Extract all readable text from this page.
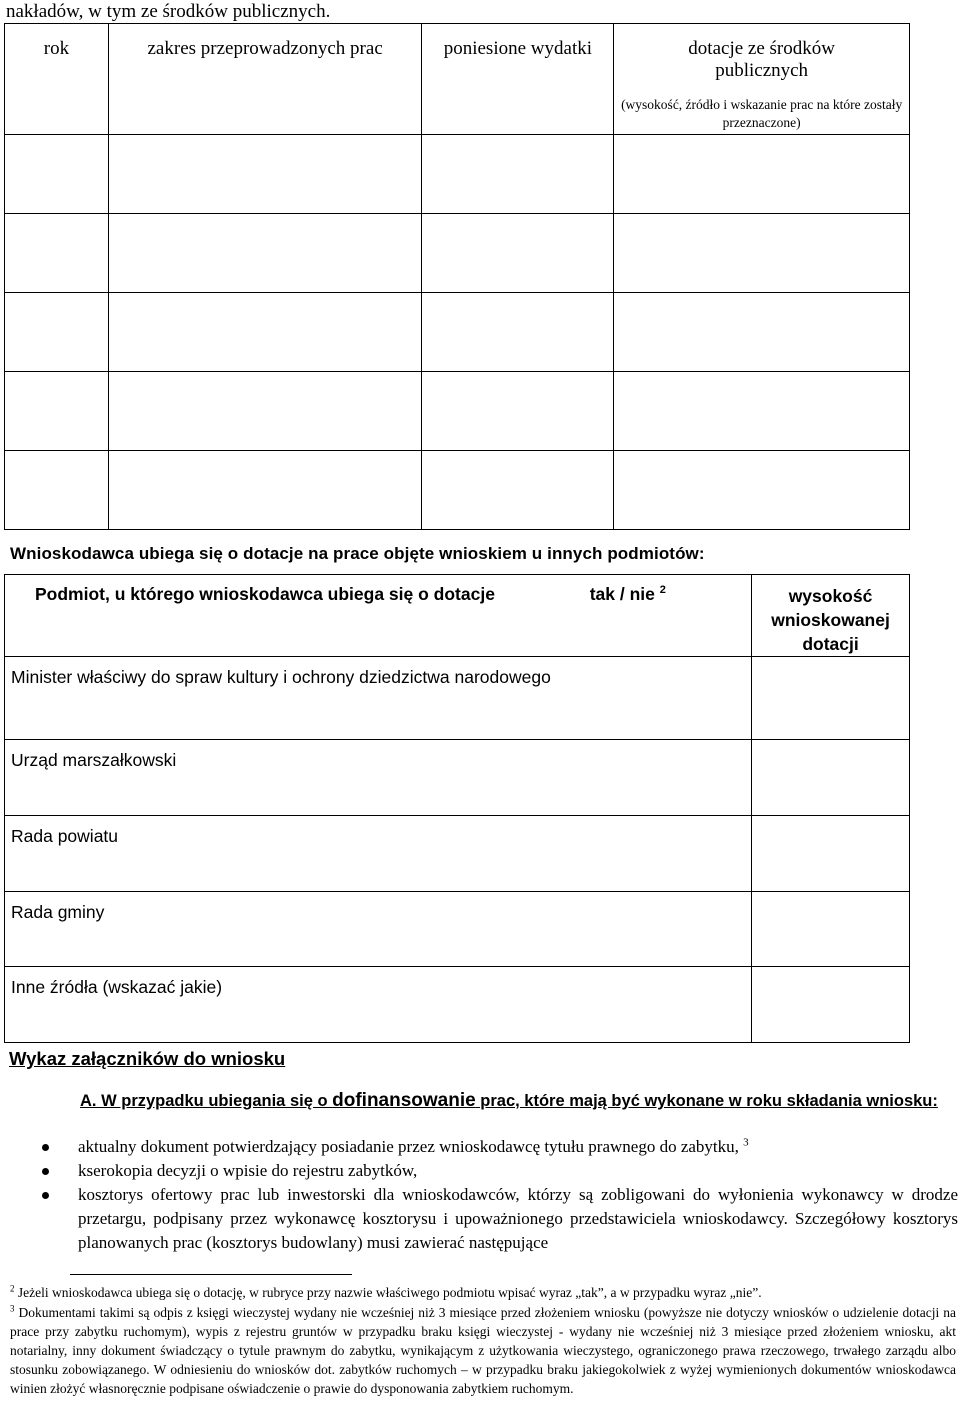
nakładów, w tym ze środków publicznych.
rok	zakres przeprowadzonych prac	poniesione wydatki	dotacje ze środków publicznych
(wysokość, źródło i wskazanie prac na które zostały przeznaczone)

Wnioskodawca ubiega się o dotacje na prace objęte wnioskiem u innych podmiotów:
Podmiot, u którego wnioskodawca ubiega się o dotacje	tak / nie $^2$	wysokość wnioskowanej dotacji
Minister właściwy do spraw kultury i ochrony dziedzictwa narodowego		
Urząd marszałkowski		
Rada powiatu		
Rada gminy		
Inne źródła (wskazać jakie)		
Wykaz załączników do wniosku
A. W przypadku ubiegania się o dofinansowanie prac, które mają być wykonane w roku składania wniosku:
aktualny dokument potwierdzający posiadanie przez wnioskodawcę tytułu prawnego do zabytku, $^3$
kserokopia decyzji o wpisie do rejestru zabytków,
kosztorys ofertowy prac lub inwestorski dla wnioskodawców, którzy są zobligowani do wyłonienia wykonawcy w drodze przetargu, podpisany przez wykonawcę kosztorysu i upoważnionego przedstawiciela wnioskodawcy. Szczegółowy kosztorys planowanych prac (kosztorys budowlany) musi zawierać następujące
$^2$ Jeżeli wnioskodawca ubiega się o dotację, w rubryce przy nazwie właściwego podmiotu wpisać wyraz „tak”, a w przypadku wyraz „nie”.
$^3$ Dokumentami takimi są odpis z księgi wieczystej wydany nie wcześniej niż 3 miesiące przed złożeniem wniosku (powyższe nie dotyczy wniosków o udzielenie dotacji na prace przy zabytku ruchomym), wypis z rejestru gruntów w przypadku braku księgi wieczystej - wydany nie wcześniej niż 3 miesiące przed złożeniem wniosku, akt notarialny, inny dokument świadczący o tytule prawnym do zabytku, wynikającym z użytkowania wieczystego, ograniczonego prawa rzeczowego, trwałego zarządu albo stosunku zobowiązanego. W odniesieniu do wniosków dot. zabytków ruchomych – w przypadku braku jakiegokolwiek z wyżej wymienionych dokumentów wnioskodawca winien złożyć własnoręcznie podpisane oświadczenie o prawie do dysponowania zabytkiem ruchomym.
